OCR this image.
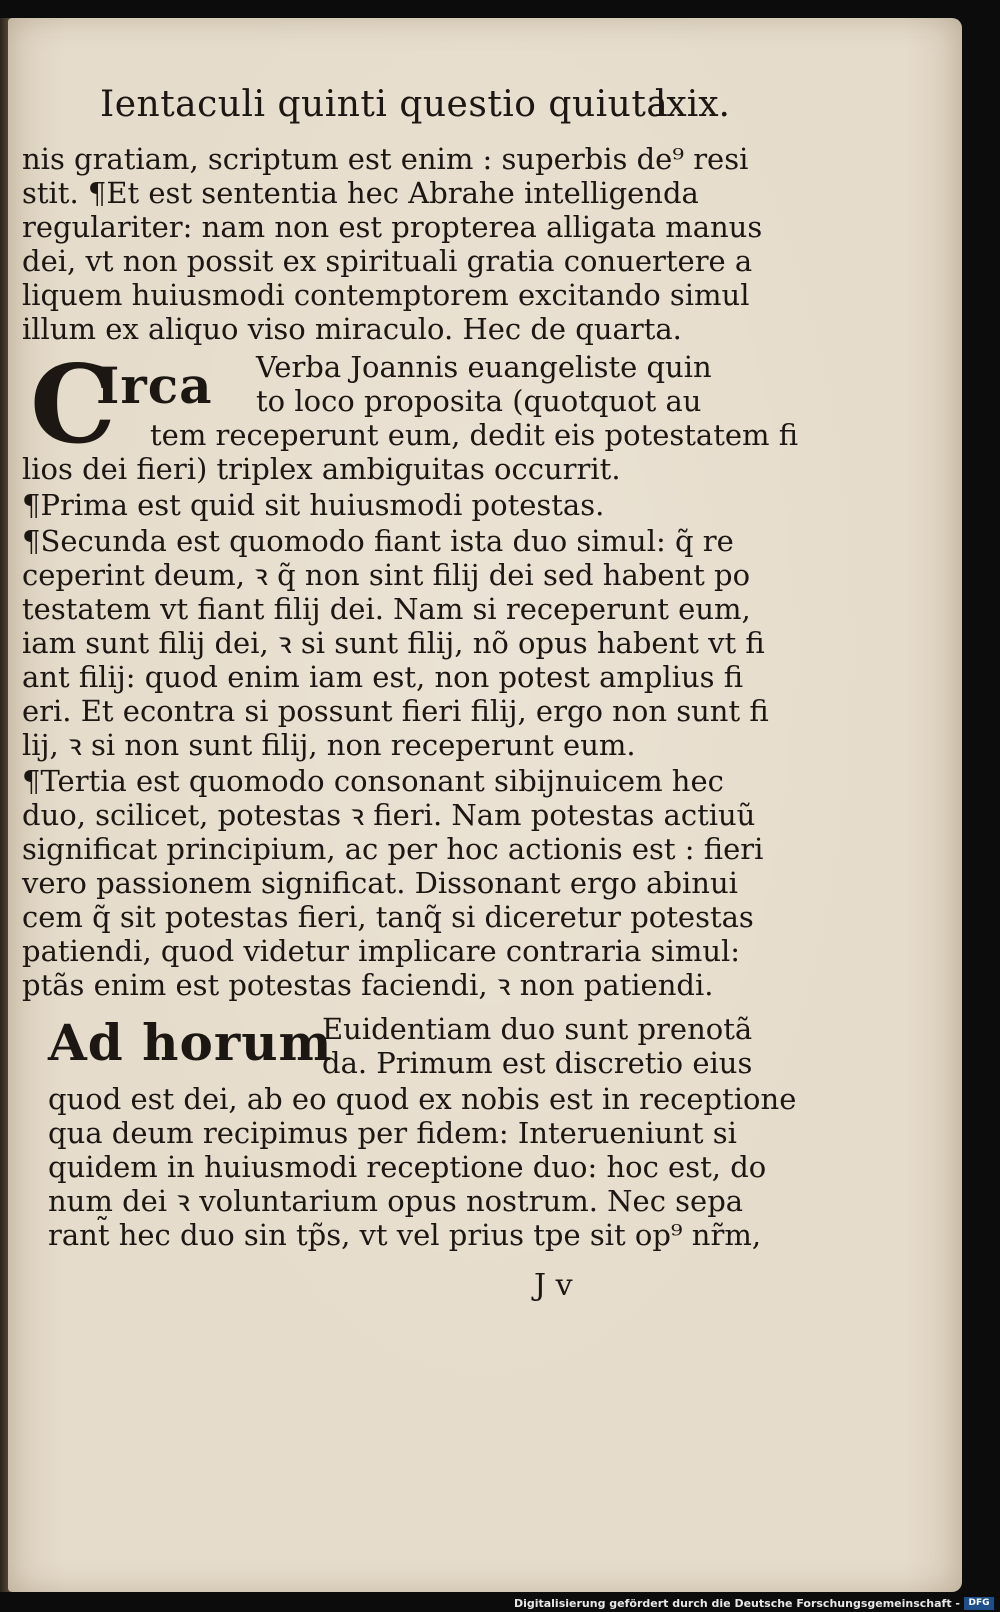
Ientaculi quinti questio quiuta
lxix.
nis gratiam, scriptum est enim : superbis de⁹ resi
stit. ¶Et est sententia hec Abrahe intelligenda
regulariter: nam non est propterea alligata manus
dei, vt non possit ex spirituali gratia conuertere a
liquem huiusmodi contemptorem excitando simul
illum ex aliquo viso miraculo. Hec de quarta.
C
Irca Verba Joannis euangeliste quin
to loco proposita (quotquot au
tem receperunt eum, dedit eis potestatem fi
lios dei fieri) triplex ambiguitas occurrit.
¶Prima est quid sit huiusmodi potestas.
¶Secunda est quomodo fiant ista duo simul: q̃ re
ceperint deum, ꝛ q̃ non sint filij dei sed habent po
testatem vt fiant filij dei. Nam si receperunt eum,
iam sunt filij dei, ꝛ si sunt filij, nõ opus habent vt fi
ant filij: quod enim iam est, non potest amplius fi
eri. Et econtra si possunt fieri filij, ergo non sunt fi
lij, ꝛ si non sunt filij, non receperunt eum.
¶Tertia est quomodo consonant sibijnuicem hec
duo, scilicet, potestas ꝛ fieri. Nam potestas actiuũ
significat principium, ac per hoc actionis est : fieri
vero passionem significat. Dissonant ergo abinui
cem q̃ sit potestas fieri, tanq̃ si diceretur potestas
patiendi, quod videtur implicare contraria simul:
ptãs enim est potestas faciendi, ꝛ non patiendi.
Ad horum
Euidentiam duo sunt prenotã
da. Primum est discretio eius
quod est dei, ab eo quod ex nobis est in receptione
qua deum recipimus per fidem: Interueniunt si
quidem in huiusmodi receptione duo: hoc est, do
num dei ꝛ voluntarium opus nostrum. Nec sepa
rant̃ hec duo sin tp̃s, vt vel prius tpe sit op⁹ nr̃m,
J v
Digitalisierung gefördert durch die Deutsche Forschungsgemeinschaft - DFG
